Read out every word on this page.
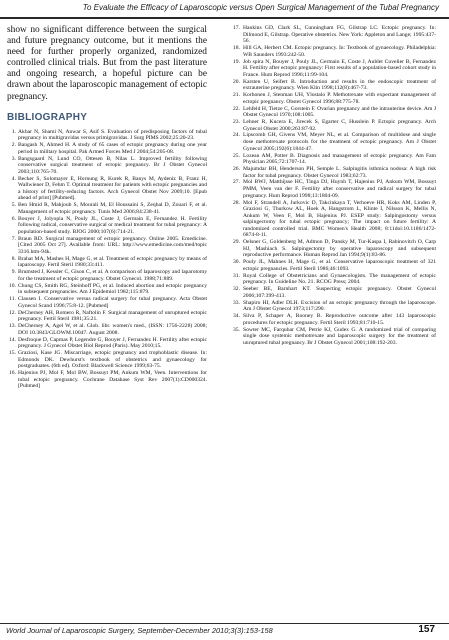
To Evaluate the Efficacy of Laparoscopic versus Open Surgical Management of the Tubal Pregnancy

show no significant difference between the surgical and future pregnancy outcome, but it mentions the need for further properly organized, randomized controlled clinical trials. But from the past literature and ongoing research, a hopeful picture can be drawn about the laparoscopic management of ectopic pregnancy.

BIBLIOGRAPHY
1. Akbar N, Shami N, Anwar S, Asif S. Evaluation of predisposing factors of tubal pregnancy in multigravidas versus primigravidas. J Surg PIMS 2002;25:20-23.
2. Bangash N, Ahmed H. A study of 65 cases of ectopic pregnancy during one year period in military hospital. Pak Armed Forces Med J 2004;54:205-08.
3. Bangsgaard N, Lund CO, Ottesen B, Nilas L. Improved fertility following conservative surgical treatment of ectopic pregnancy. Br J Obstet Gynecol 2003;110:765-70.
4. Becker S, Solomayer E, Hornung R, Kurek R, Banys M, Aydeniz B, Franz H, Wallwiener D, Fehm T. Optimal treatment for patients with ectopic pregnancies and a history of fertility-reducing factors. Arch Gynecol Obstet Nov 2009;10. [Epub ahead of print] [Pubmed].
5. Ben Hmid R, Mahjoub S, Mourali M, El Houssaini S, Zeqhal D, Zouari F, et al. Management of ectopic pregnancy. Tunis Med 2006;84:238-41.
6. Bouyer J, Jolyopia N, Pouly JL, Coste J, Germain E, Fernandez H. Fertility following radical, conservative surgical or medical treatment for tubal pregnancy: A population-based study. BJOG 2000;107(6):714-21.
7. Braun RD. Surgical management of ectopic pregnancy. Online 2005. Emedicine. [Cited 2005 Oct 27]. Available from: URL: http://www.emedicine.com/med/topic 3316.htm-94k.
8. Brahat MA, Mashes H, Mage G, et al. Treatment of ectopic pregnancy by means of laparoscopy. Fertil Steril 1980;33:411.
9. Brumsted J, Kessler C, Gison C, et al. A comparison of laparoscopy and laparotomy for the treatment of ectopic pregnancy. Obstet Gynecol. 1988;71:889.
10. Chung CS, Smith RG, Steinhoff PG, et al. Induced abortion and ectopic pregnancy in subsequent pregnancies. Am J Epidemiol 1982;115:879.
11. Clausen I. Conservative versus radical surgery for tubal pregnancy. Acta Obstet Gynecol Scand 1996;75:8-12. [Pubmed]
12. DeCherney AH, Romero R, Naftolin F. Surgical management of unruptured ectopic pregnancy. Fertil Steril 1981;35:21.
13. DeCherney A, Agel W, et al. Glob. libr. women's med., (ISSN: 1756-2228) 2008; DOI 10.3843/GLOWM.10047. August 2008.
14. Desfroque D, Capmas P, Legendre G, Bouyer J, Fernandez H. Fertility after ectopic pregnancy. J Gynecol Obstet Biol Reprod (Paris). May 2010;15.
15. Graziosi, Kase JG. Miscarriage, ectopic pregnancy and trophoblastic disease. In: Edmonds DK. Dewhurst's textbook of obstetrics and gynaecology for postgraduates. (6th ed). Oxford: Blackwell Science 1999;63-75.
16. Hajenius PJ, Mol F, Mol BW, Bossuyt PM, Ankum WM, Veen. Interventions for tubal ectopic pregnancy. Cochrane Database Syst Rev 2007(1):CD000324. [Pubmed]
17. Hankins GD, Clark SL, Cunningham FG, Gilstrap LC. Ectopic pregnancy. In: Dilmond E, Gilstrap. Operative obstetrics. New York: Appleton and Lange; 1995:437-56.
18. Hill GA, Herbert CM. Ectopic pregnancy. In: Textbook of gynaecology. Philadelphia: WB Saunders 1993:242-50.
19. Job spira N, Bouyer J, Pouly JL, Germain E, Coste J, Aublet Cuvelier B, Fernandez H. Fertility after ectopic pregnancy: First results of a population-based cohort study in France. Hum Reprod 1996;11:99-104.
20. Karsten U, Seifert B. Introduction and results in the endoscopic treatment of extrauterine pregnancy. Wien Klin 1998;112(8):467-73.
21. Korhonen J, Stenman UH, Ylostalo P. Methotrexate with expectant management of ectopic pregnancy. Obstet Gynecol 1996;88:775-78.
22. Lehfeld H, Tietze C, Gorstein F. Ovarian pregnancy and the intrauterine device. Am J Obstet Gynecol 1970;108:1005.
23. Lehner R, Kucera E, Jirecek S, Egarter C, Husslein P. Ectopic pregnancy. Arch Gynecol Obstet 2000;263:87-92.
24. Lipscomb GH, Givens VM, Meyer NL, et al. Comparison of multidose and single dose methotrexate protocols for the treatment of ectopic pregnancy. Am J Obstet Gynecol 2005;192(6):1844-47.
25. Lozeau AM, Potter B. Diagnosis and management of ectopic pregnancy. Am Fam Physician 2005;72:1707-14.
26. Majumdar BH, Henderson PH, Semple L. Salpingitis isthmica nodosa: A high risk factor for tubal pregnancy. Obstet Gynecol 1983;62:73.
27. Mol BWJ, Matthijsse HC, Tinga DJ, Huynh T, Hajenius PJ, Ankum WM, Bossuyt PMM, Veen van der F. Fertility after conservative and radical surgery for tubal pregnancy. Hum Reprod 1998;13:1804-09.
28. Mol F, Strandell A, Jurkovic D, Takcinkaya T, Verhoeve HR, Koks AM, Linden P, Graziosi G, Thurkow AL, Hoek A, Hangstrom L, Klinte I, Nilsson K, Mellis N, Ankum W, Veen F, Mol B, Hajenius PJ. ESEP study: Salpingostomy versus salpingectomy for tubal ectopic pregnancy; The impact on future fertility: A randomized controlled trial. BMC Women's Health 2008; 8:11doi:10.1186/1472-6874-8-11.
29. Oelsner G, Goldenberg M, Admon D, Pansky M, Tur-Kaspa I, Rabinovitch O, Carp HJ, Mashiach S. Salpingectomy by operative laparoscopy and subsequent reproductive performance. Human Reprod Jan 1994;9(1):83-86.
30. Pouly JL, Mahnes H, Mage G, et al. Conservative laparoscopic treatment of 321 ectopic pregnancies. Fertil Steril 1986;46:1093.
31. Royal College of Obstetricians and Gynaecologists. The management of ectopic pregnancy. In Guideline No. 21. RCOG Press; 2004.
32. Seeber BE, Barnhart KT. Suspecting ectopic pregnancy. Obstet Gynecol 2006;107:399-413.
33. Shapiro HI, Adler DLH. Excision of an ectopic pregnancy through the laparoscope. Am J Obstet Gynecol 1973;117:290.
34. Silva P, Schaper A, Rooney B. Reproductive outcome after 143 laparoscopic procedures for ectopic pregnancy. Fertil Steril 1993;81:710-15.
35. Sowter MC, Farquhar CM, Petrie KJ, Gudex G. A randomized trial of comparing single dose systemic methotrexate and laparoscopic surgery for the treatment of unruptured tubal pregnancy. Br J Obstet Gynecol 2001;108:192-203.
World Journal of Laparoscopic Surgery, September-December 2010;3(3):153-158	157
